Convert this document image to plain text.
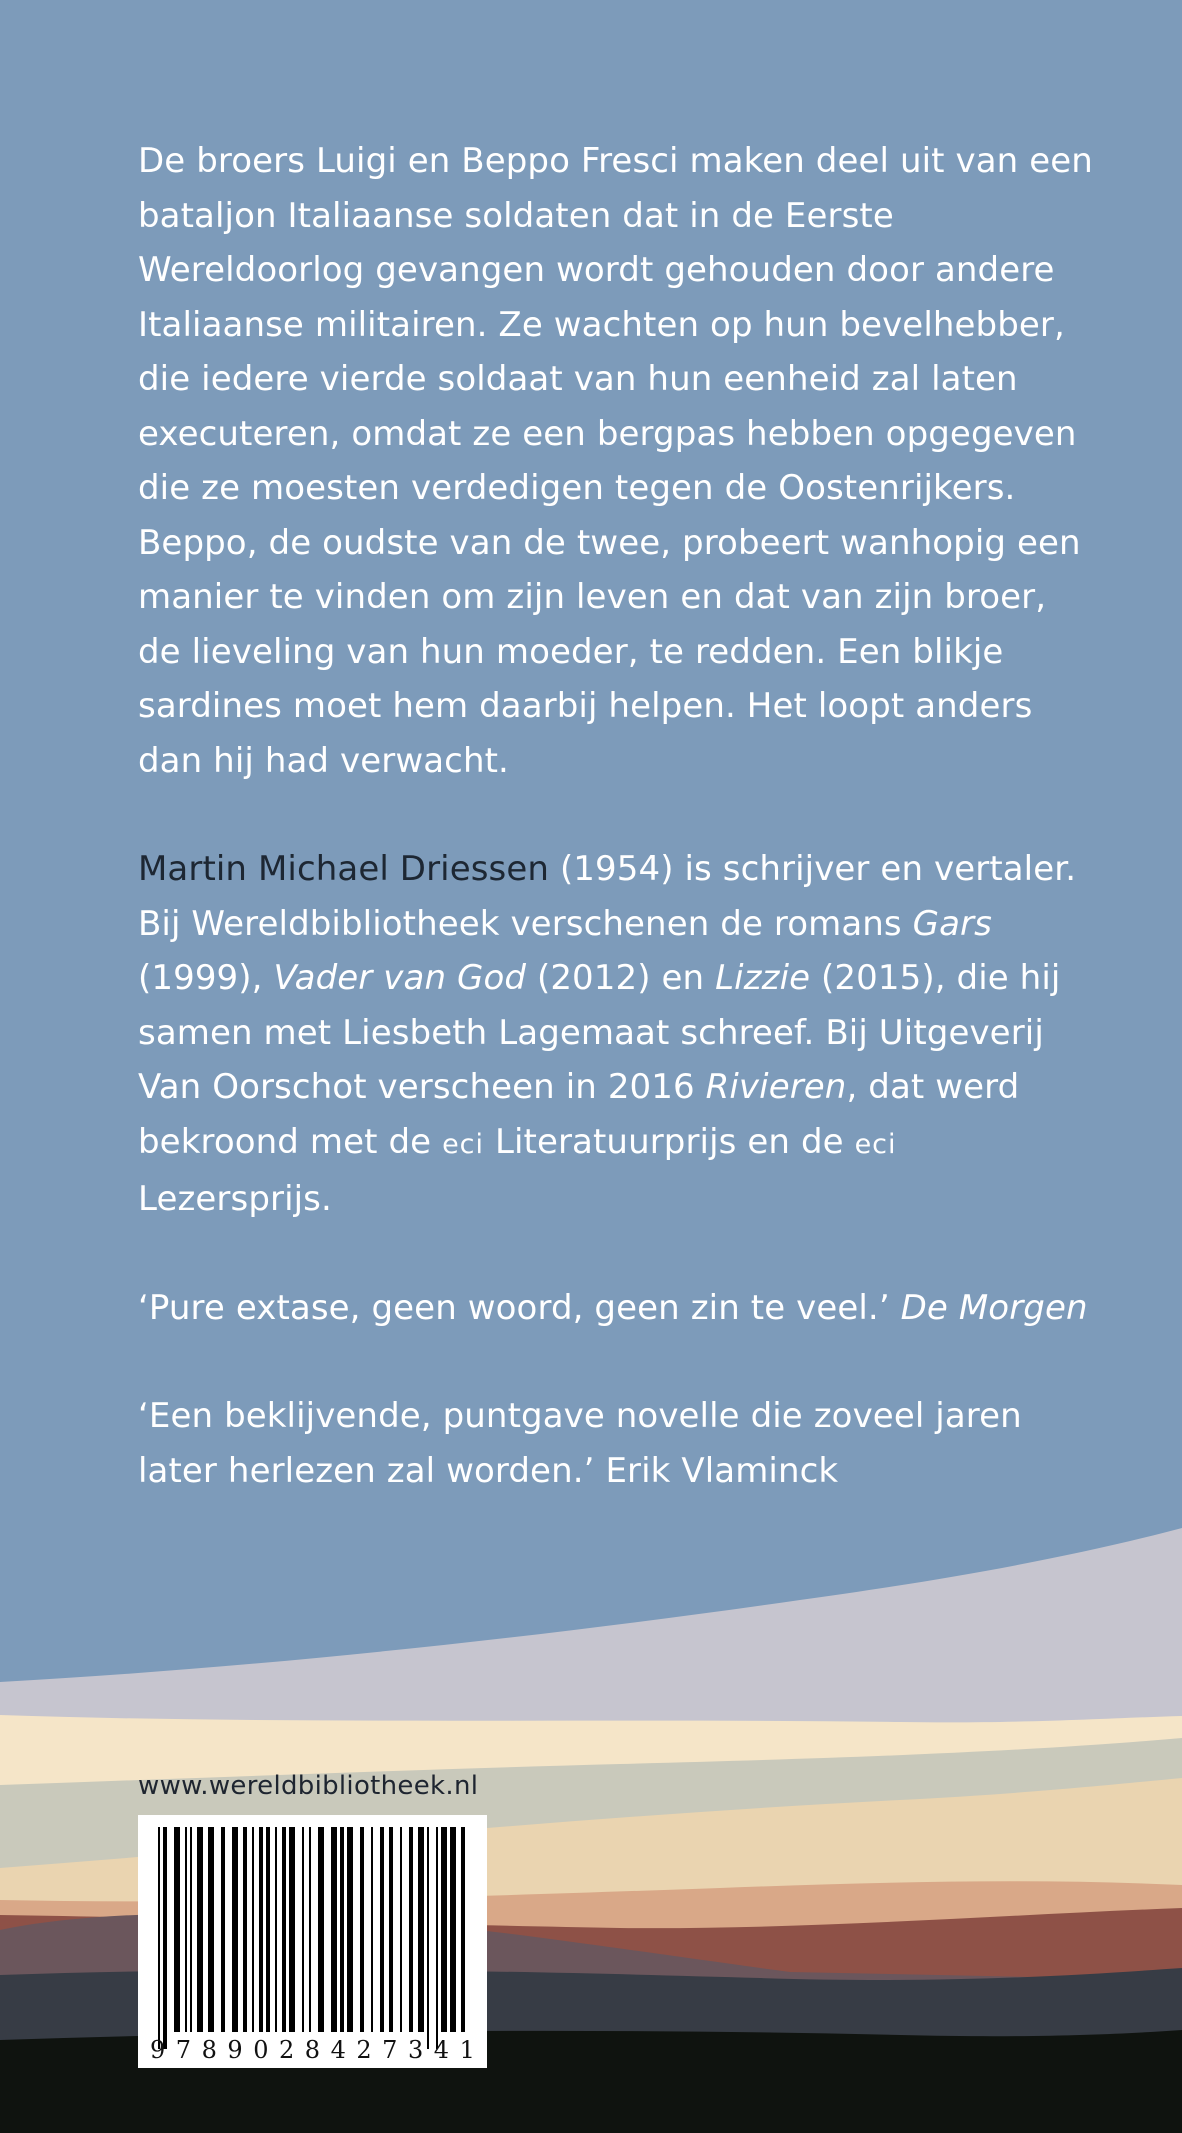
De broers Luigi en Beppo Fresci maken deel uit van een bataljon Italiaanse soldaten dat in de Eerste Wereldoorlog gevangen wordt gehouden door andere Italiaanse militairen. Ze wachten op hun bevelhebber, die iedere vierde soldaat van hun eenheid zal laten executeren, omdat ze een bergpas hebben opgegeven die ze moesten verdedigen tegen de Oostenrijkers. Beppo, de oudste van de twee, probeert wanhopig een manier te vinden om zijn leven en dat van zijn broer, de lieveling van hun moeder, te redden. Een blikje sardines moet hem daarbij helpen. Het loopt anders dan hij had verwacht.

Martin Michael Driessen (1954) is schrijver en vertaler. Bij Wereldbibliotheek verschenen de romans Gars (1999), Vader van God (2012) en Lizzie (2015), die hij samen met Liesbeth Lagemaat schreef. Bij Uitgeverij Van Oorschot verscheen in 2016 Rivieren, dat werd bekroond met de eci Literatuurprijs en de eci Lezersprijs.

‘Pure extase, geen woord, geen zin te veel.’ De Morgen

‘Een beklijvende, puntgave novelle die zoveel jaren later herlezen zal worden.’ Erik Vlaminck

www.wereldbibliotheek.nl
9 7 8 9 0 2 8 4 2 7 3 4 1
